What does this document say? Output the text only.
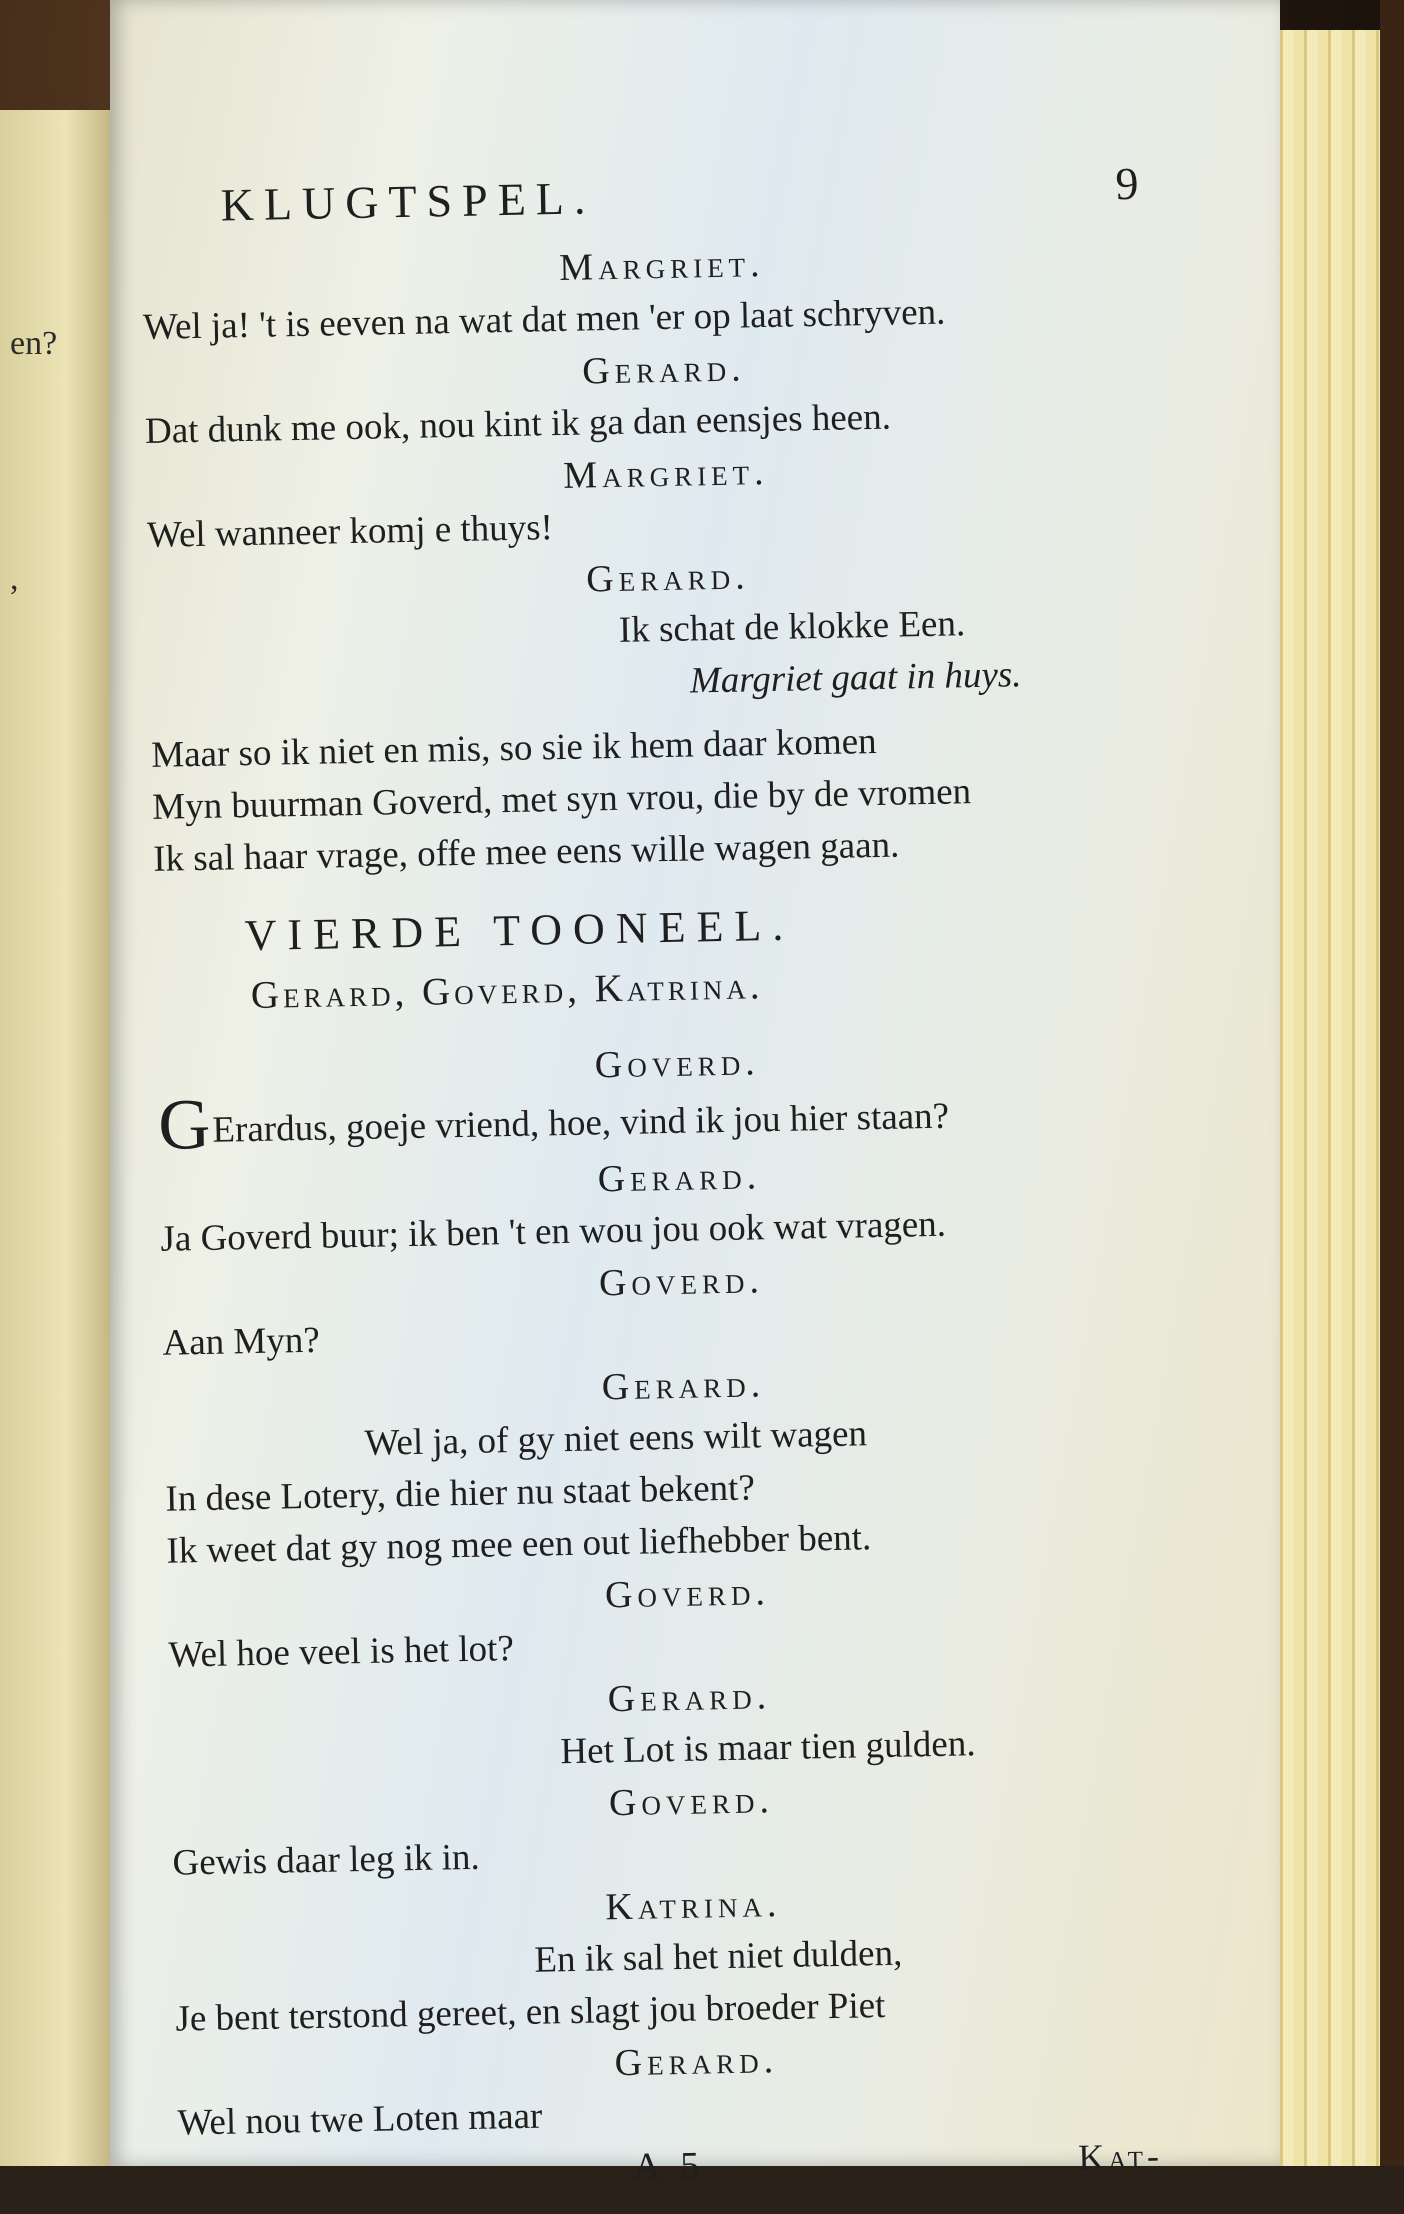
en?
,
KLUGTSPEL.	9
Margriet.
Wel ja! 't is eeven na wat dat men 'er op laat schryven.
Gerard.
Dat dunk me ook, nou kint ik ga dan eensjes heen.
Margriet.
Wel wanneer komj e thuys!
Gerard.
Ik schat de klokke Een.
Margriet gaat in huys.
Maar so ik niet en mis, so sie ik hem daar komen
Myn buurman Goverd, met syn vrou, die by de vromen
Ik sal haar vrage, offe mee eens wille wagen gaan.
VIERDE TOONEEL.
Gerard, Goverd, Katrina.
Goverd.
GErardus, goeje vriend, hoe, vind ik jou hier staan?
Gerard.
Ja Goverd buur; ik ben 't en wou jou ook wat vragen.
Goverd.
Aan Myn?
Gerard.
Wel ja, of gy niet eens wilt wagen
In dese Lotery, die hier nu staat bekent?
Ik weet dat gy nog mee een out liefhebber bent.
Goverd.
Wel hoe veel is het lot?
Gerard.
Het Lot is maar tien gulden.
Goverd.
Gewis daar leg ik in.
Katrina.
En ik sal het niet dulden,
Je bent terstond gereet, en slagt jou broeder Piet
Gerard.
Wel nou twe Loten maar
A 5	Kat-
